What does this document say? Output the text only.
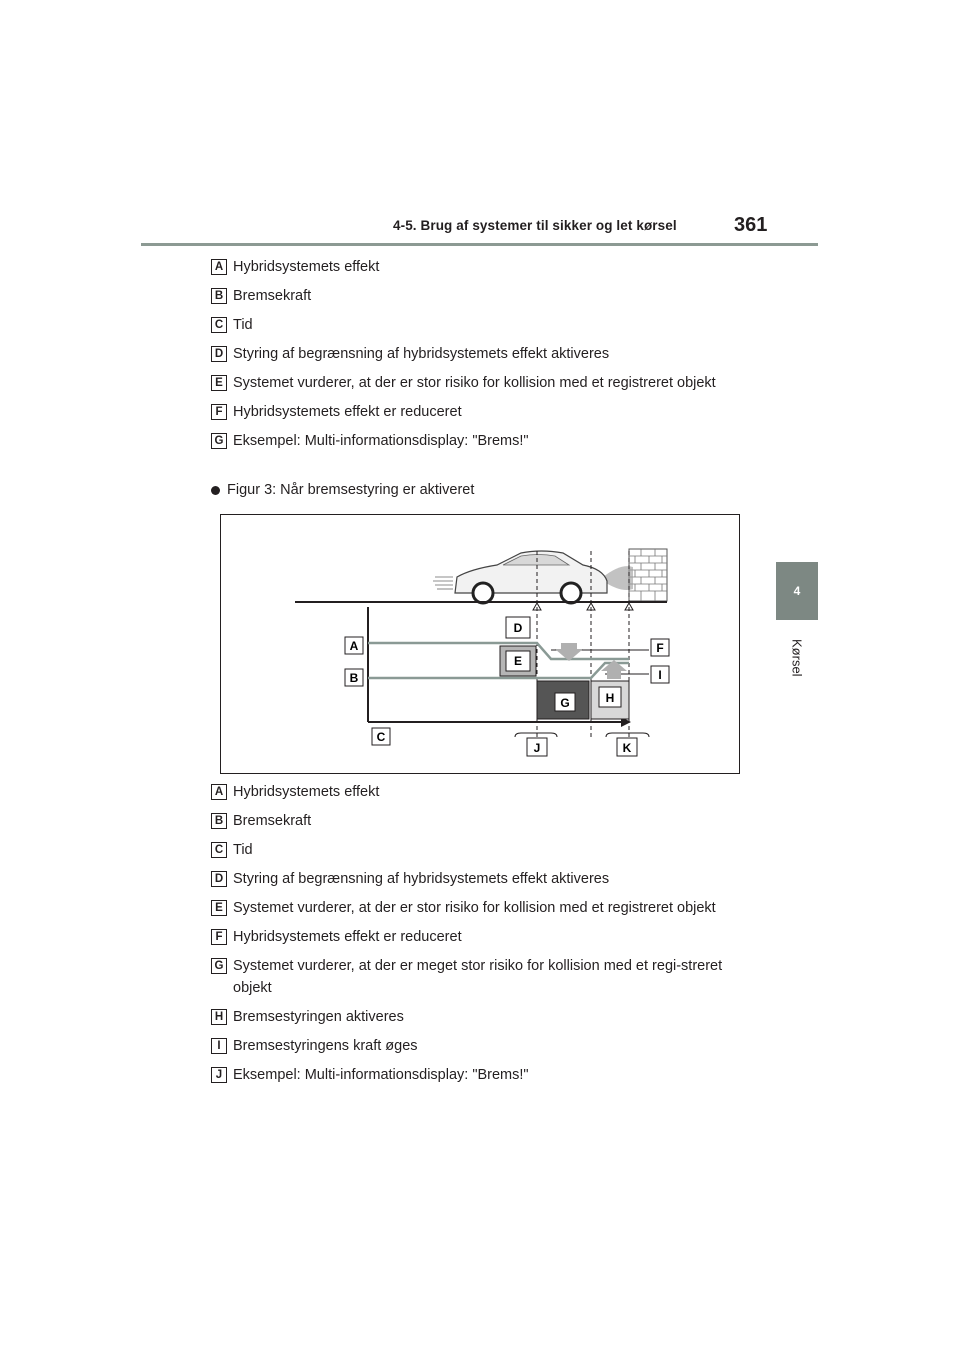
4-5. Brug af systemer til sikker og let kørsel	361
4
Kørsel
A Hybridsystemets effekt
B Bremsekraft
C Tid
D Styring af begrænsning af hybridsystemets effekt aktiveres
E Systemet vurderer, at der er stor risiko for kollision med et registreret objekt
F Hybridsystemets effekt er reduceret
G Eksempel: Multi-informationsdisplay: "Brems!"
Figur 3: Når bremsestyring er aktiveret
A
B
C
D
E
F
G	H
I
J	K
A Hybridsystemets effekt
B Bremsekraft
C Tid
D Styring af begrænsning af hybridsystemets effekt aktiveres
E Systemet vurderer, at der er stor risiko for kollision med et registreret objekt
F Hybridsystemets effekt er reduceret
G Systemet vurderer, at der er meget stor risiko for kollision med et regi-streret objekt
H Bremsestyringen aktiveres
I Bremsestyringens kraft øges
J Eksempel: Multi-informationsdisplay: "Brems!"
